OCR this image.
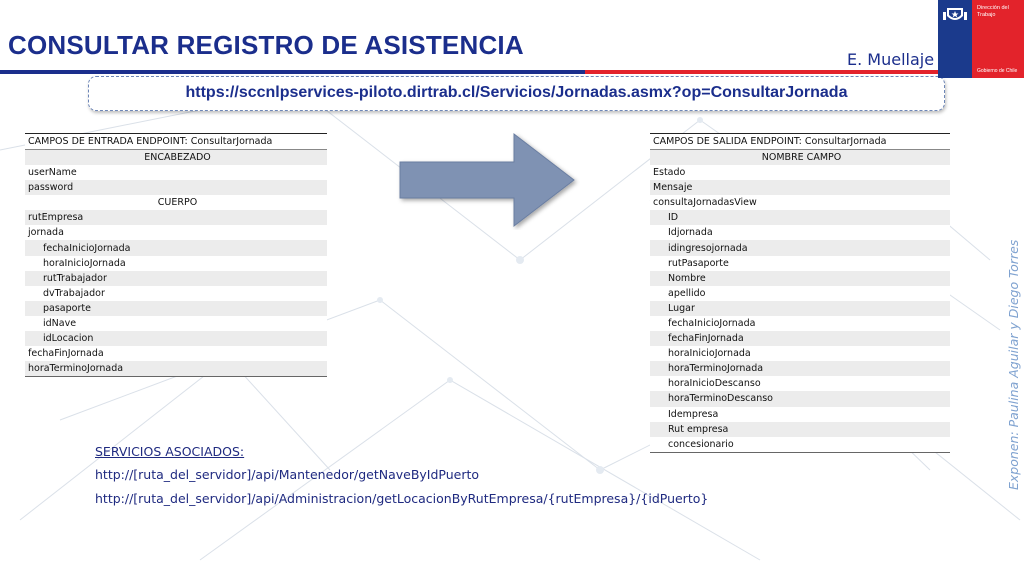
CONSULTAR REGISTRO DE ASISTENCIA	E. Muellaje
Dirección del
Trabajo
Gobierno de Chile
https://sccnlpservices-piloto.dirtrab.cl/Servicios/Jornadas.asmx?op=ConsultarJornada
CAMPOS DE ENTRADA ENDPOINT: ConsultarJornada
ENCABEZADO
userName
password
CUERPO
rutEmpresa
jornada
fechaInicioJornada
horaInicioJornada
rutTrabajador
dvTrabajador
pasaporte
idNave
idLocacion
fechaFinJornada
horaTerminoJornada
CAMPOS DE SALIDA ENDPOINT: ConsultarJornada
NOMBRE CAMPO
Estado
Mensaje
consultaJornadasView
ID
Idjornada
idingresojornada
rutPasaporte
Nombre
apellido
Lugar
fechaInicioJornada
fechaFinJornada
horaInicioJornada
horaTerminoJornada
horaInicioDescanso
horaTerminoDescanso
Idempresa
Rut empresa
concesionario
SERVICIOS ASOCIADOS:
http://[ruta_del_servidor]/api/Mantenedor/getNaveByIdPuerto
http://[ruta_del_servidor]/api/Administracion/getLocacionByRutEmpresa/{rutEmpresa}/{idPuerto}
Exponen: Paulina Aguilar y Diego Torres
